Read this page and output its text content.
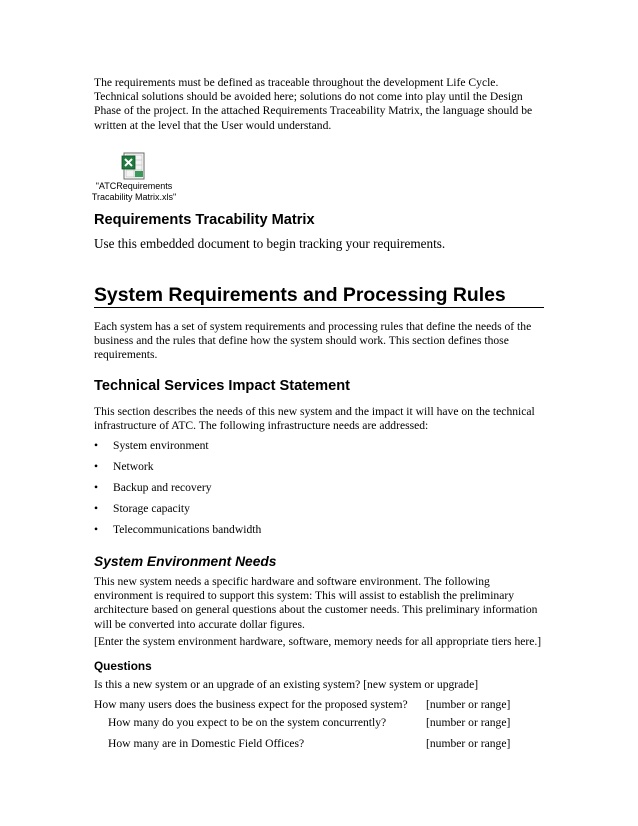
The requirements must be defined as traceable throughout the development Life Cycle.
Technical solutions should be avoided here; solutions do not come into play until the Design
Phase of the project. In the attached Requirements Traceability Matrix, the language should be
written at the level that the User would understand.

"ATCRequirements
Tracability Matrix.xls"
Requirements Tracability Matrix

Use this embedded document to begin tracking your requirements.

System Requirements and Processing Rules

Each system has a set of system requirements and processing rules that define the needs of the
business and the rules that define how the system should work. This section defines those
requirements.

Technical Services Impact Statement

This section describes the needs of this new system and the impact it will have on the technical
infrastructure of ATC. The following infrastructure needs are addressed:

• System environment
• Network
• Backup and recovery
• Storage capacity
• Telecommunications bandwidth
System Environment Needs

This new system needs a specific hardware and software environment. The following
environment is required to support this system: This will assist to establish the preliminary
architecture based on general questions about the customer needs. This preliminary information
will be converted into accurate dollar figures.

[Enter the system environment hardware, software, memory needs for all appropriate tiers here.]

Questions
Is this a new system or an upgrade of an existing system? [new system or upgrade]
How many users does the business expect for the proposed system? [number or range]
How many do you expect to be on the system concurrently?	[number or range]
How many are in Domestic Field Offices?	[number or range]
